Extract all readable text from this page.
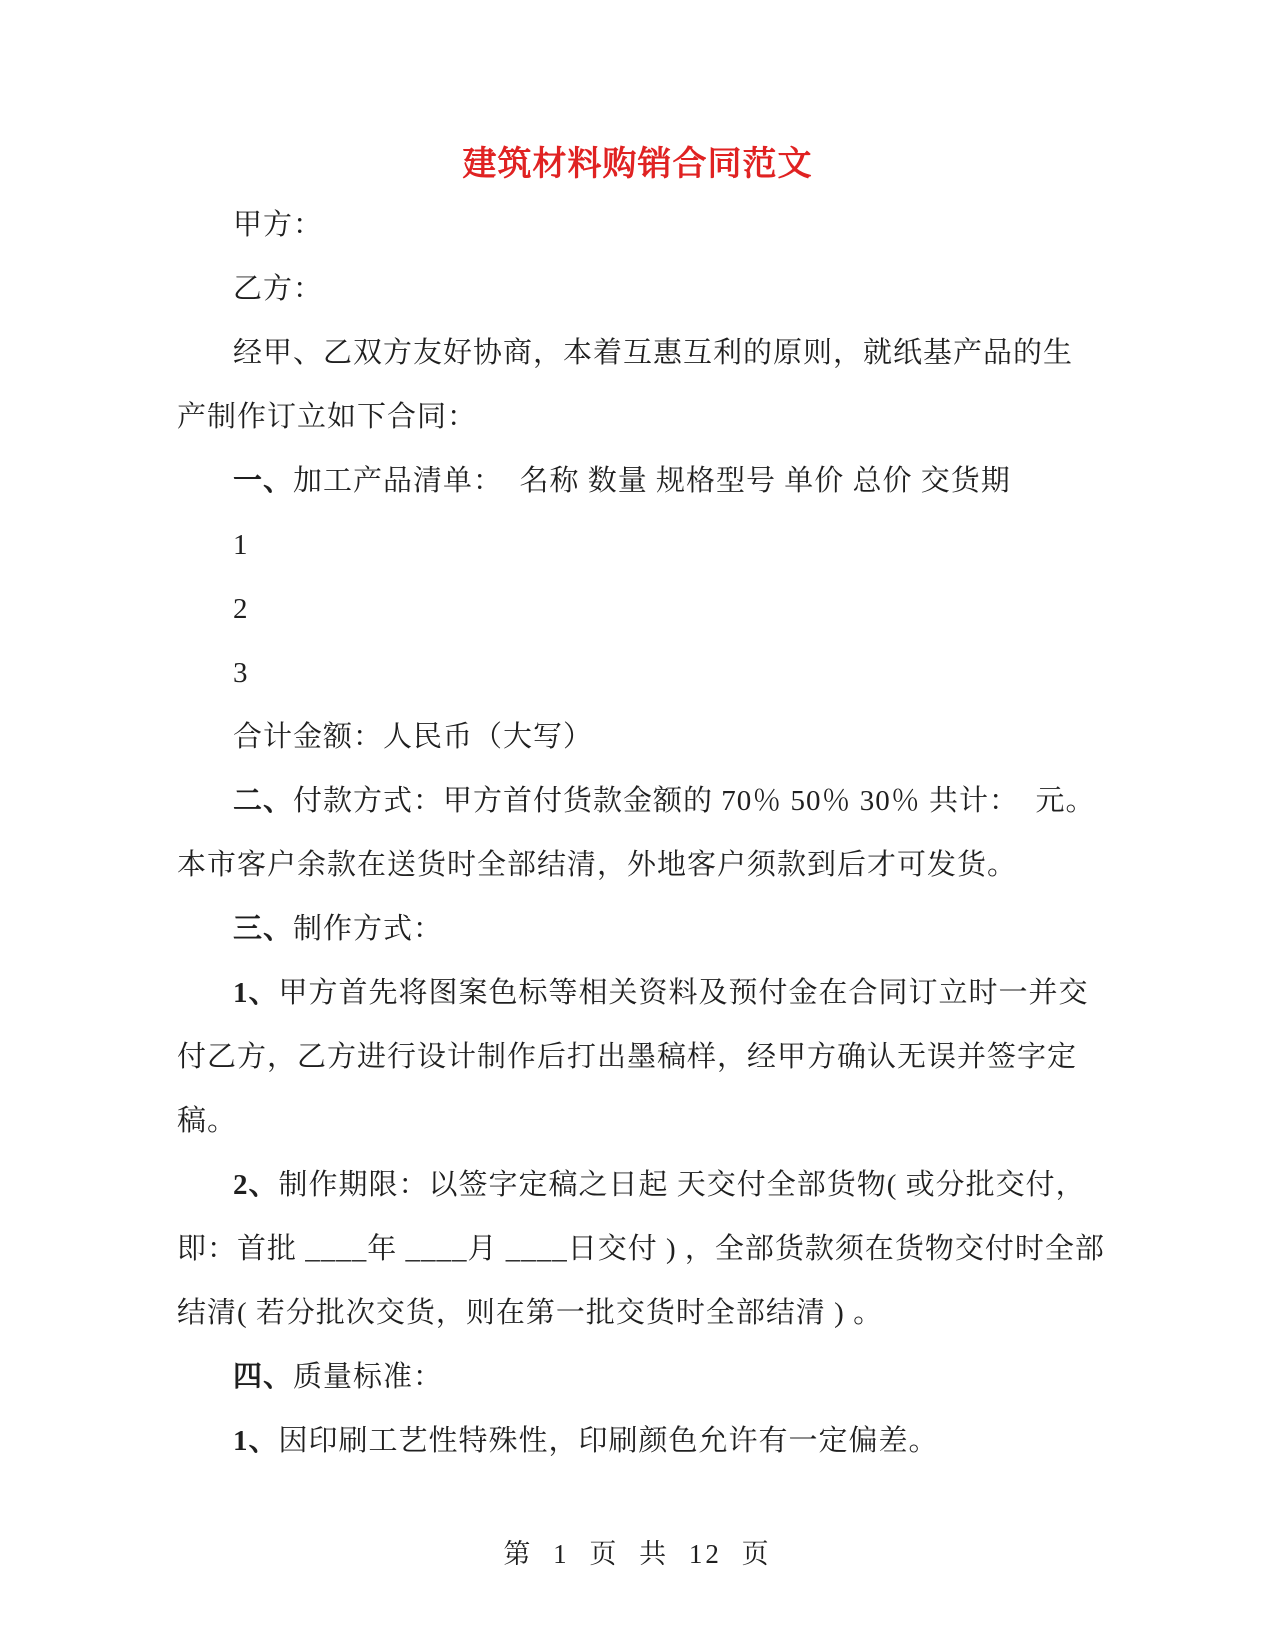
建筑材料购销合同范文
甲方：
乙方：
经甲、乙双方友好协商，本着互惠互利的原则，就纸基产品的生
产制作订立如下合同：
一、加工产品清单：  名称 数量 规格型号 单价 总价 交货期
1
2
3
合计金额：人民币（大写）
二、付款方式：甲方首付货款金额的 70％ 50％ 30％ 共计：  元。
本市客户余款在送货时全部结清，外地客户须款到后才可发货。
三、制作方式：
1、甲方首先将图案色标等相关资料及预付金在合同订立时一并交
付乙方，乙方进行设计制作后打出墨稿样，经甲方确认无误并签字定
稿。
2、制作期限：以签字定稿之日起 天交付全部货物( 或分批交付，
即：首批 ____年 ____月 ____日交付 ) ，全部货款须在货物交付时全部
结清( 若分批次交货，则在第一批交货时全部结清 ) 。
四、质量标准：
1、因印刷工艺性特殊性，印刷颜色允许有一定偏差。
第 1 页 共 12 页
